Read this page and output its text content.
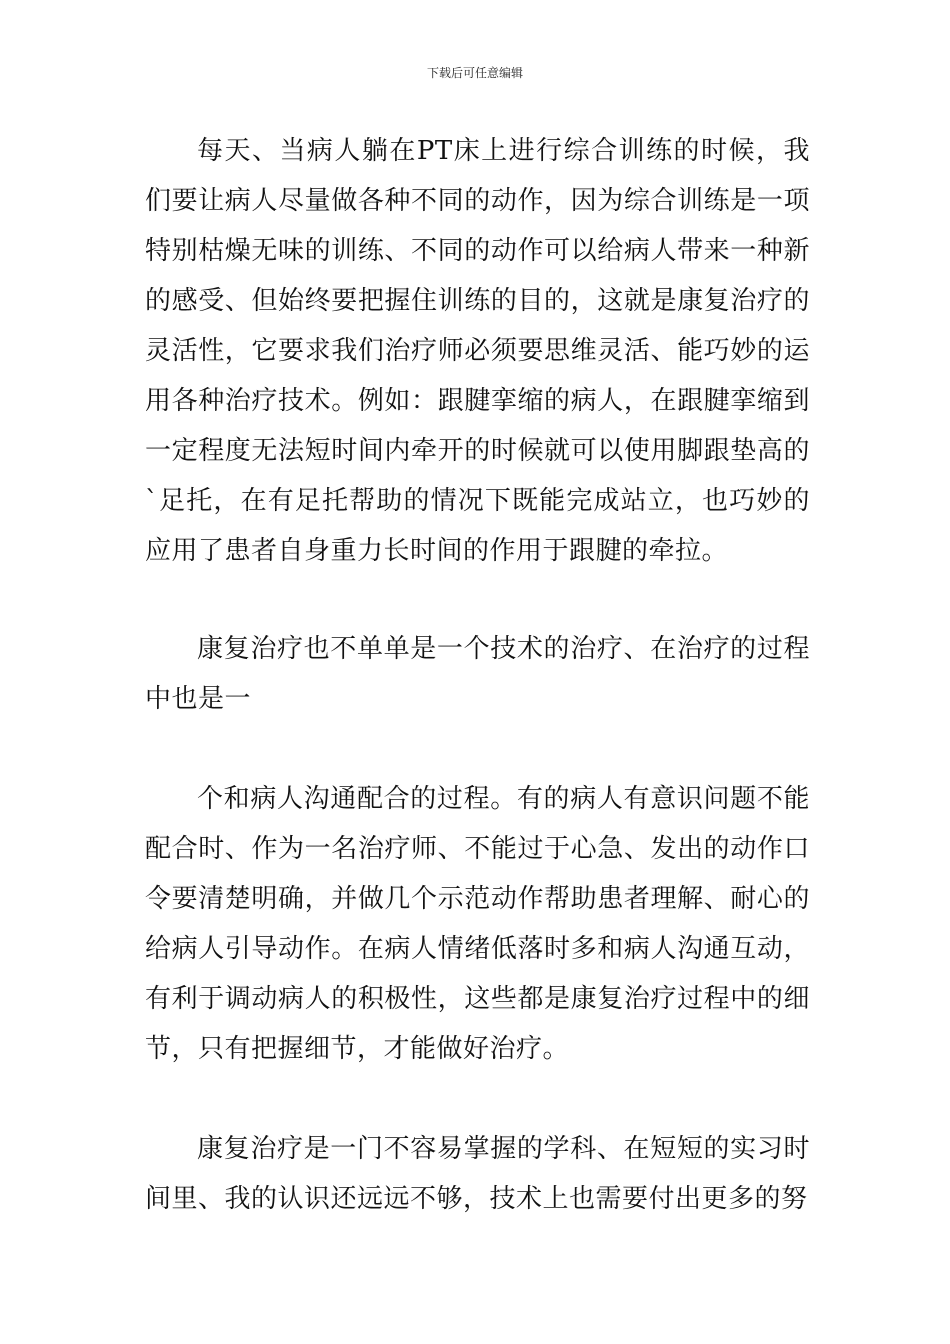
下载后可任意编辑

每天、当病人躺在PT床上进行综合训练的时候，我们要让病人尽量做各种不同的动作，因为综合训练是一项特别枯燥无味的训练、不同的动作可以给病人带来一种新的感受、但始终要把握住训练的目的，这就是康复治疗的灵活性，它要求我们治疗师必须要思维灵活、能巧妙的运用各种治疗技术。例如：跟腱挛缩的病人，在跟腱挛缩到一定程度无法短时间内牵开的时候就可以使用脚跟垫高的`足托，在有足托帮助的情况下既能完成站立，也巧妙的应用了患者自身重力长时间的作用于跟腱的牵拉。

康复治疗也不单单是一个技术的治疗、在治疗的过程中也是一

个和病人沟通配合的过程。有的病人有意识问题不能配合时、作为一名治疗师、不能过于心急、发出的动作口令要清楚明确，并做几个示范动作帮助患者理解、耐心的给病人引导动作。在病人情绪低落时多和病人沟通互动，有利于调动病人的积极性，这些都是康复治疗过程中的细节，只有把握细节，才能做好治疗。

康复治疗是一门不容易掌握的学科、在短短的实习时间里、我的认识还远远不够，技术上也需要付出更多的努
